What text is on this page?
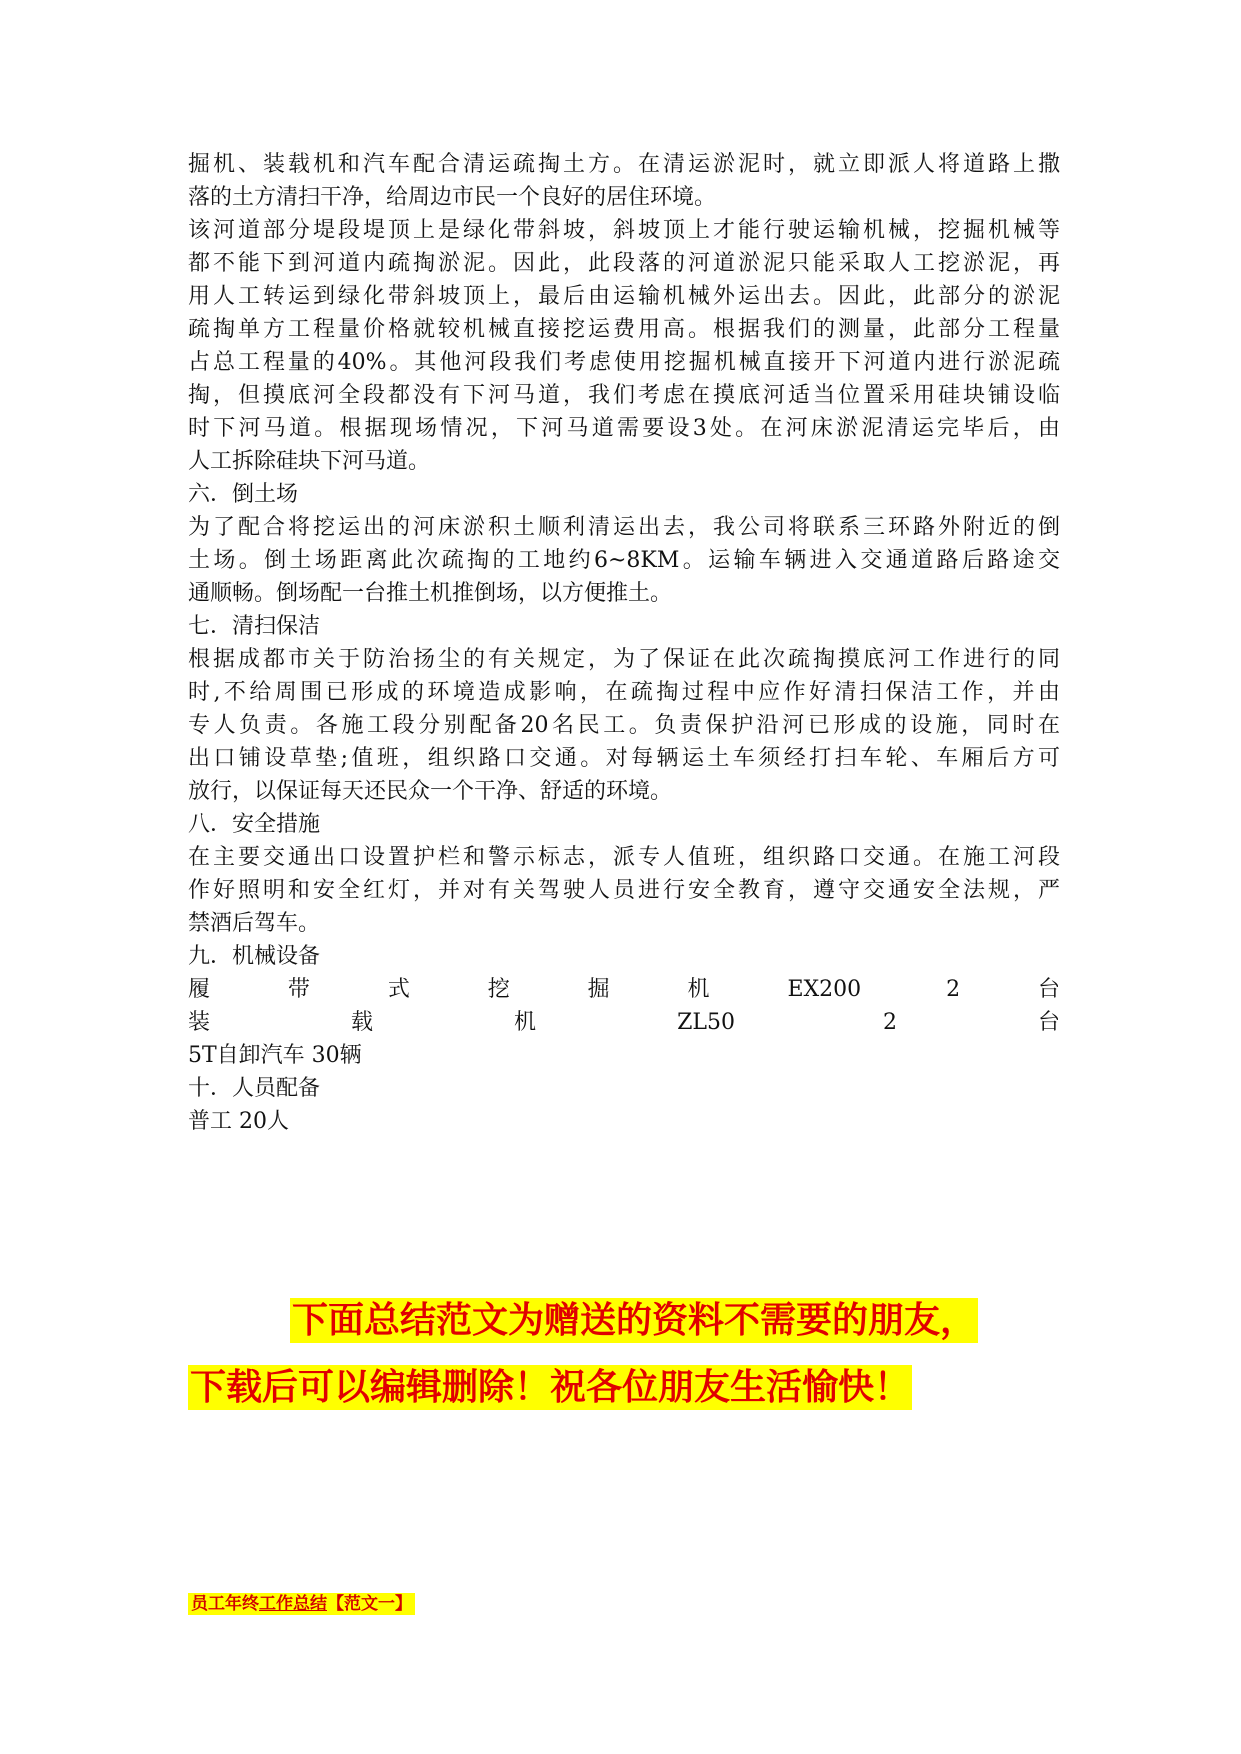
掘机、装载机和汽车配合清运疏掏土方。在清运淤泥时，就立即派人将道路上撒
落的土方清扫干净，给周边市民一个良好的居住环境。
该河道部分堤段堤顶上是绿化带斜坡，斜坡顶上才能行驶运输机械，挖掘机械等
都不能下到河道内疏掏淤泥。因此，此段落的河道淤泥只能采取人工挖淤泥，再
用人工转运到绿化带斜坡顶上，最后由运输机械外运出去。因此，此部分的淤泥
疏掏单方工程量价格就较机械直接挖运费用高。根据我们的测量，此部分工程量
占总工程量的40%。其他河段我们考虑使用挖掘机械直接开下河道内进行淤泥疏
掏，但摸底河全段都没有下河马道，我们考虑在摸底河适当位置采用硅块铺设临
时下河马道。根据现场情况，下河马道需要设3处。在河床淤泥清运完毕后，由
人工拆除硅块下河马道。
六．倒土场
为了配合将挖运出的河床淤积土顺利清运出去，我公司将联系三环路外附近的倒
土场。倒土场距离此次疏掏的工地约6~8KM。运输车辆进入交通道路后路途交
通顺畅。倒场配一台推土机推倒场，以方便推土。
七．清扫保洁
根据成都市关于防治扬尘的有关规定，为了保证在此次疏掏摸底河工作进行的同
时,不给周围已形成的环境造成影响，在疏掏过程中应作好清扫保洁工作，并由
专人负责。各施工段分别配备20名民工。负责保护沿河已形成的设施，同时在
出口铺设草垫;值班，组织路口交通。对每辆运土车须经打扫车轮、车厢后方可
放行，以保证每天还民众一个干净、舒适的环境。
八．安全措施
在主要交通出口设置护栏和警示标志，派专人值班，组织路口交通。在施工河段
作好照明和安全红灯，并对有关驾驶人员进行安全教育，遵守交通安全法规，严
禁酒后驾车。
九．机械设备
履带式挖掘机EX200 2台
装载机ZL50 2台
5T自卸汽车 30辆
十．人员配备
普工 20人
下面总结范文为赠送的资料不需要的朋友，
下载后可以编辑删除！祝各位朋友生活愉快！
员工年终工作总结【范文一】
